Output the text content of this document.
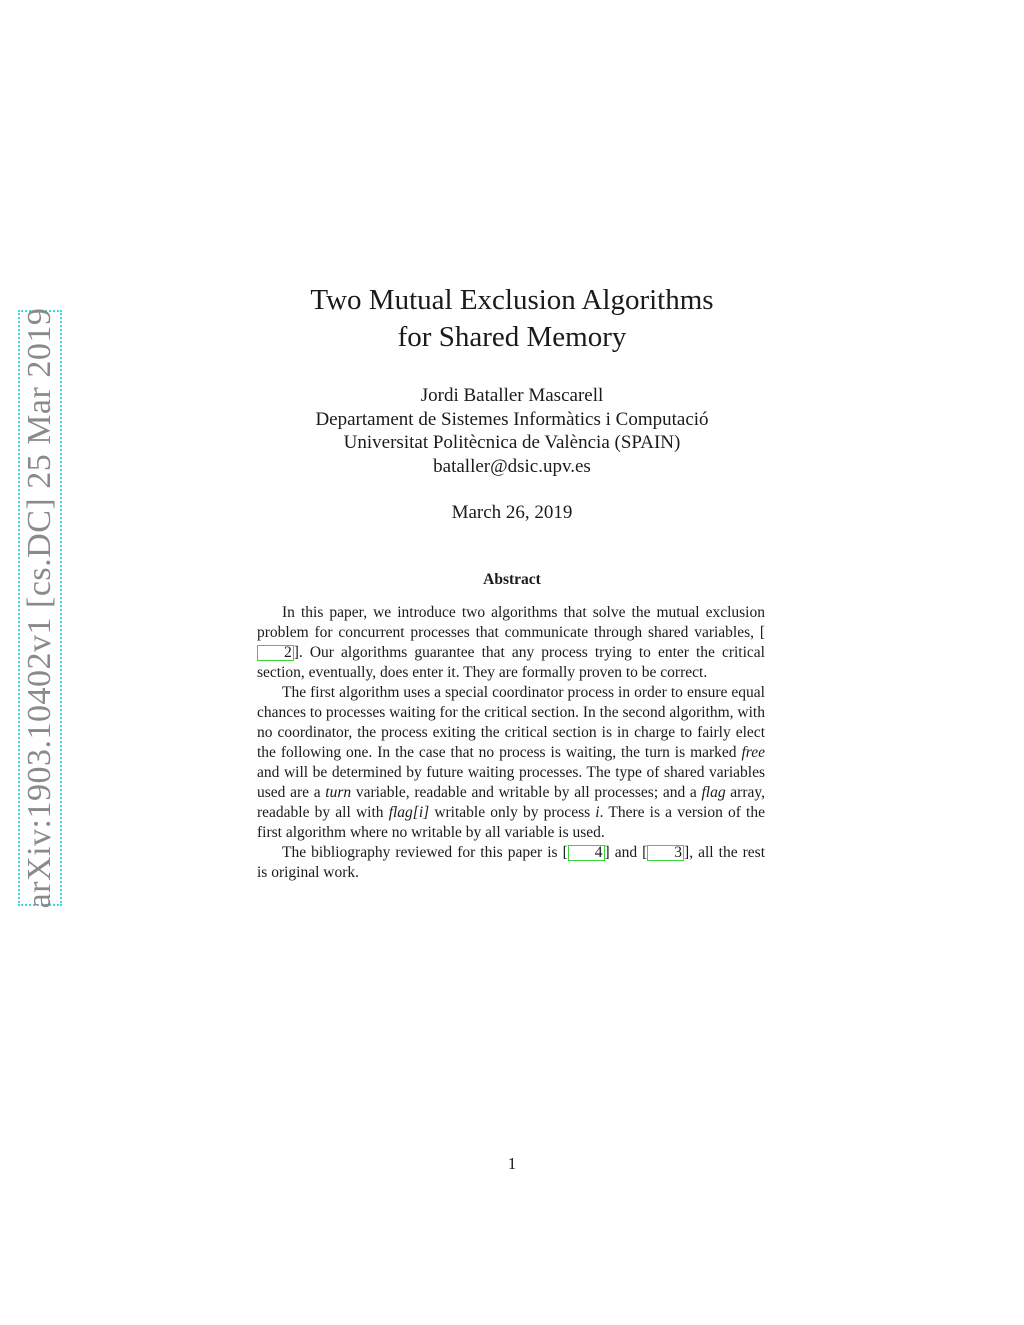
arXiv:1903.10402v1 [cs.DC] 25 Mar 2019
Two Mutual Exclusion Algorithms
for Shared Memory
Jordi Bataller Mascarell
Departament de Sistemes Informàtics i Computació
Universitat Politècnica de València (SPAIN)
bataller@dsic.upv.es
March 26, 2019
Abstract

In this paper, we introduce two algorithms that solve the mutual exclusion problem for concurrent processes that communicate through shared variables, [2 ]. Our algorithms guarantee that any process trying to enter the critical section, eventually, does enter it. They are formally proven to be correct.

The first algorithm uses a special coordinator process in order to ensure equal chances to processes waiting for the critical section. In the second algorithm, with no coordinator, the process exiting the critical section is in charge to fairly elect the following one. In the case that no process is waiting, the turn is marked free and will be determined by future waiting processes. The type of shared variables used are a turn variable, readable and writable by all processes; and a flag array, readable by all with flag[i] writable only by process i. There is a version of the first algorithm where no writable by all variable is used.

The bibliography reviewed for this paper is [ 4 ] and [ 3 ], all the rest is original work.

1
